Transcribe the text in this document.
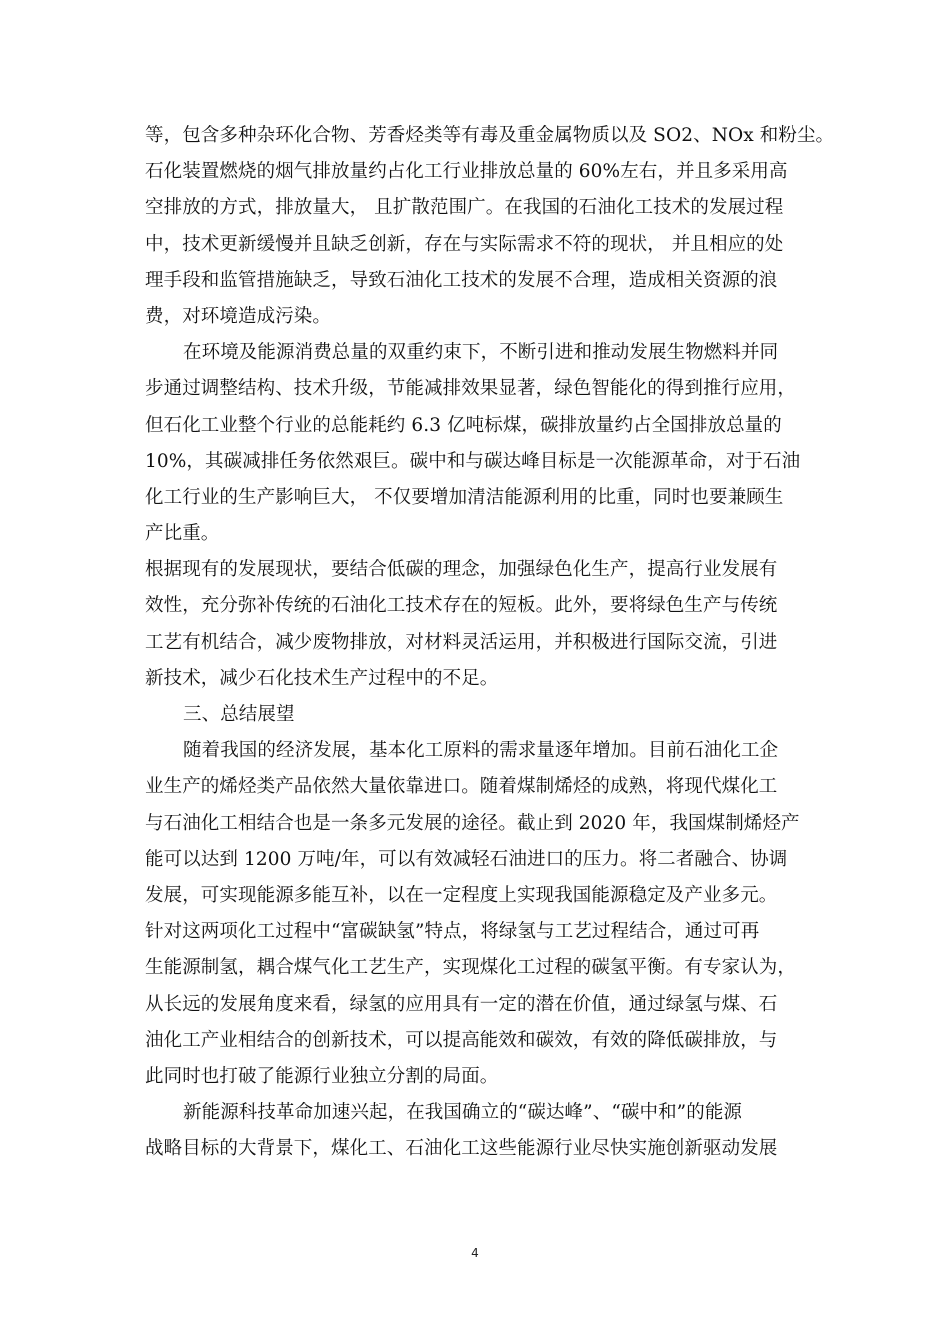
等，包含多种杂环化合物、芳香烃类等有毒及重金属物质以及 SO2、NOx 和粉尘。
石化装置燃烧的烟气排放量约占化工行业排放总量的 60%左右，并且多采用高
空排放的方式，排放量大， 且扩散范围广。在我国的石油化工技术的发展过程
中，技术更新缓慢并且缺乏创新，存在与实际需求不符的现状， 并且相应的处
理手段和监管措施缺乏，导致石油化工技术的发展不合理，造成相关资源的浪
费，对环境造成污染。
在环境及能源消费总量的双重约束下，不断引进和推动发展生物燃料并同
步通过调整结构、技术升级，节能减排效果显著，绿色智能化的得到推行应用，
但石化工业整个行业的总能耗约 6.3 亿吨标煤，碳排放量约占全国排放总量的
10%，其碳减排任务依然艰巨。碳中和与碳达峰目标是一次能源革命，对于石油
化工行业的生产影响巨大， 不仅要增加清洁能源利用的比重，同时也要兼顾生
产比重。
根据现有的发展现状，要结合低碳的理念，加强绿色化生产，提高行业发展有
效性，充分弥补传统的石油化工技术存在的短板。此外，要将绿色生产与传统
工艺有机结合，减少废物排放，对材料灵活运用，并积极进行国际交流，引进
新技术，减少石化技术生产过程中的不足。
三、总结展望
随着我国的经济发展，基本化工原料的需求量逐年增加。目前石油化工企
业生产的烯烃类产品依然大量依靠进口。随着煤制烯烃的成熟，将现代煤化工
与石油化工相结合也是一条多元发展的途径。截止到 2020 年，我国煤制烯烃产
能可以达到 1200 万吨/年，可以有效减轻石油进口的压力。将二者融合、协调
发展，可实现能源多能互补，以在一定程度上实现我国能源稳定及产业多元。
针对这两项化工过程中“富碳缺氢”特点，将绿氢与工艺过程结合，通过可再
生能源制氢，耦合煤气化工艺生产，实现煤化工过程的碳氢平衡。有专家认为，
从长远的发展角度来看，绿氢的应用具有一定的潜在价值，通过绿氢与煤、石
油化工产业相结合的创新技术，可以提高能效和碳效，有效的降低碳排放，与
此同时也打破了能源行业独立分割的局面。
新能源科技革命加速兴起，在我国确立的“碳达峰”、“碳中和”的能源
战略目标的大背景下，煤化工、石油化工这些能源行业尽快实施创新驱动发展
4
